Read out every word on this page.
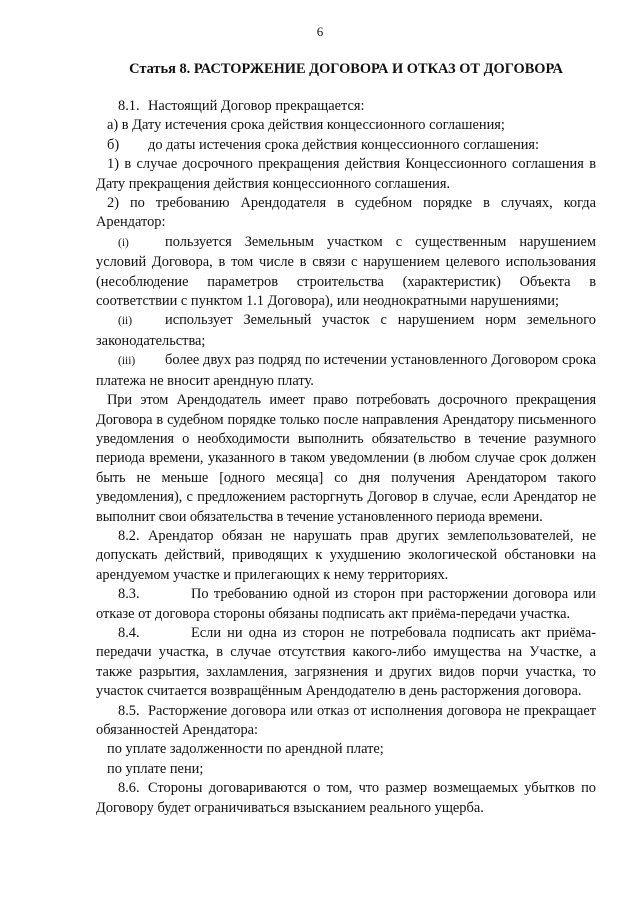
6
Статья 8. РАСТОРЖЕНИЕ ДОГОВОРА И ОТКАЗ ОТ ДОГОВОРА

8.1. Настоящий Договор прекращается:

а) в Дату истечения срока действия концессионного соглашения;

б) до даты истечения срока действия концессионного соглашения:

1) в случае досрочного прекращения действия Концессионного соглашения в Дату прекращения действия концессионного соглашения.

2) по требованию Арендодателя в судебном порядке в случаях, когда Арендатор:

(i)	пользуется Земельным участком с существенным нарушением условий Договора, в том числе в связи с нарушением целевого использования (несоблюдение параметров строительства (характеристик) Объекта в соответствии с пунктом 1.1 Договора), или неоднократными нарушениями;

(ii) использует Земельный участок с нарушением норм земельного законодательства;

(iii) более двух раз подряд по истечении установленного Договором срока платежа не вносит арендную плату.

При этом Арендодатель имеет право потребовать досрочного прекращения Договора в судебном порядке только после направления Арендатору письменного уведомления о необходимости выполнить обязательство в течение разумного периода времени, указанного в таком уведомлении (в любом случае срок должен быть не меньше [одного месяца] со дня получения Арендатором такого уведомления), с предложением расторгнуть Договор в случае, если Арендатор не выполнит свои обязательства в течение установленного периода времени.

8.2. Арендатор обязан не нарушать прав других землепользователей, не допускать действий, приводящих к ухудшению экологической обстановки на арендуемом участке и прилегающих к нему территориях.

8.3.	По требованию одной из сторон при расторжении договора или отказе от договора стороны обязаны подписать акт приёма-передачи участка.

8.4.	Если ни одна из сторон не потребовала подписать акт приёма-передачи участка, в случае отсутствия какого-либо имущества на Участке, а также разрытия, захламления, загрязнения и других видов порчи участка, то участок считается возвращённым Арендодателю в день расторжения договора.

8.5. Расторжение договора или отказ от исполнения договора не прекращает обязанностей Арендатора:

по уплате задолженности по арендной плате;

по уплате пени;

8.6. Стороны договариваются о том, что размер возмещаемых убытков по Договору будет ограничиваться взысканием реального ущерба.
